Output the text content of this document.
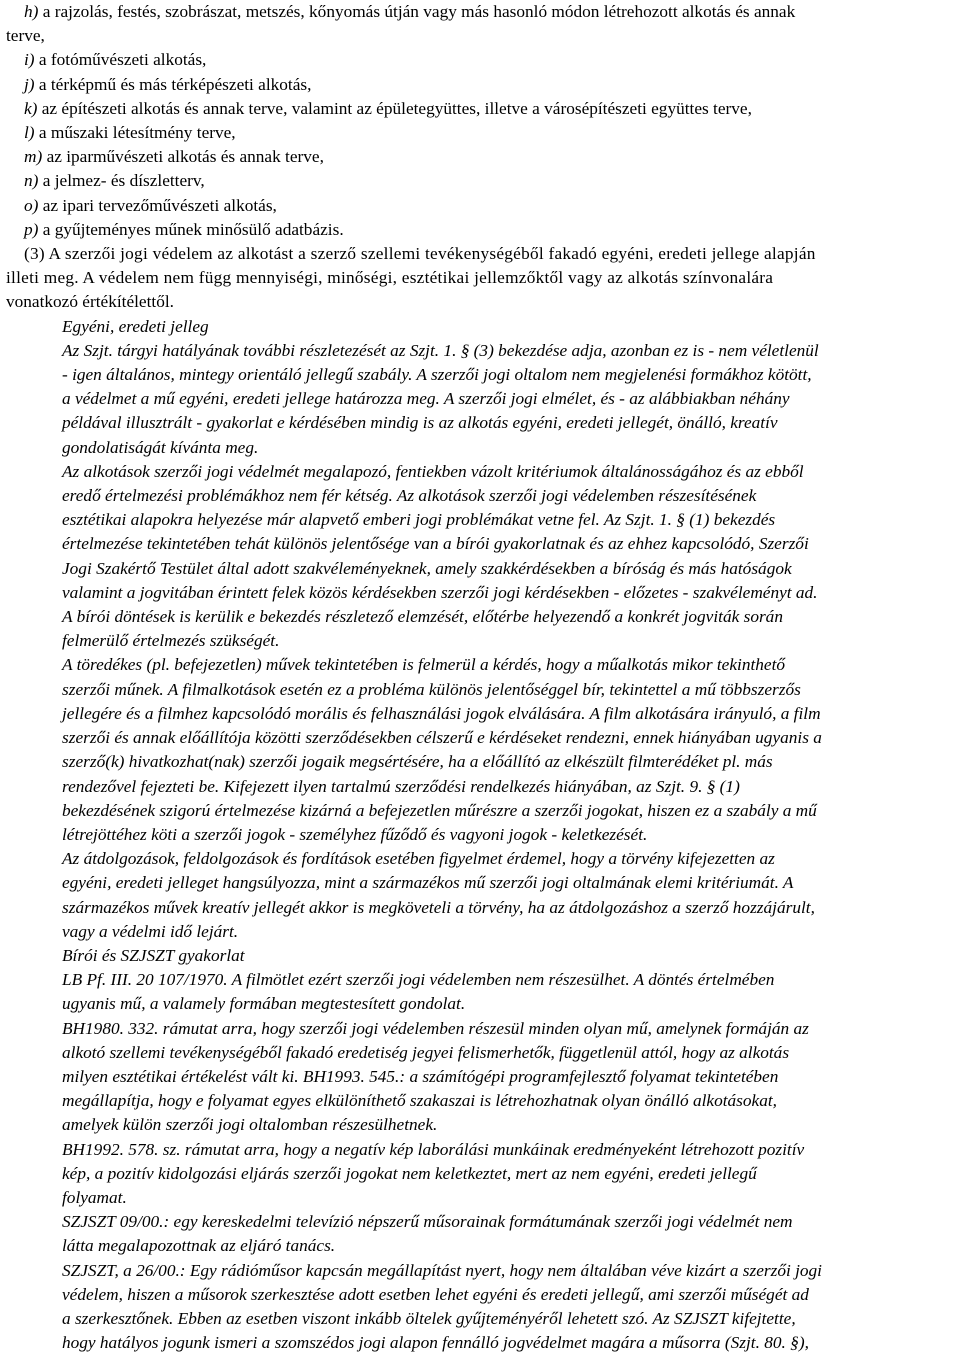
h) a rajzolás, festés, szobrászat, metszés, kőnyomás útján vagy más hasonló módon létrehozott alkotás és annak
terve,
i) a fotóművészeti alkotás,
j) a térképmű és más térképészeti alkotás,
k) az építészeti alkotás és annak terve, valamint az épületegyüttes, illetve a városépítészeti együttes terve,
l) a műszaki létesítmény terve,
m) az iparművészeti alkotás és annak terve,
n) a jelmez- és díszletterv,
o) az ipari tervezőművészeti alkotás,
p) a gyűjteményes műnek minősülő adatbázis.
(3) A szerzői jogi védelem az alkotást a szerző szellemi tevékenységéből fakadó egyéni, eredeti jellege alapján
illeti meg. A védelem nem függ mennyiségi, minőségi, esztétikai jellemzőktől vagy az alkotás színvonalára
vonatkozó értékítélettől.
Egyéni, eredeti jelleg
Az Szjt. tárgyi hatályának további részletezését az Szjt. 1. § (3) bekezdése adja, azonban ez is - nem véletlenül
- igen általános, mintegy orientáló jellegű szabály. A szerzői jogi oltalom nem megjelenési formákhoz kötött,
a védelmet a mű egyéni, eredeti jellege határozza meg. A szerzői jogi elmélet, és - az alábbiakban néhány
példával illusztrált - gyakorlat e kérdésében mindig is az alkotás egyéni, eredeti jellegét, önálló, kreatív
gondolatiságát kívánta meg.
Az alkotások szerzői jogi védelmét megalapozó, fentiekben vázolt kritériumok általánosságához és az ebből
eredő értelmezési problémákhoz nem fér kétség. Az alkotások szerzői jogi védelemben részesítésének
esztétikai alapokra helyezése már alapvető emberi jogi problémákat vetne fel. Az Szjt. 1. § (1) bekezdés
értelmezése tekintetében tehát különös jelentősége van a bírói gyakorlatnak és az ehhez kapcsolódó, Szerzői
Jogi Szakértő Testület által adott szakvéleményeknek, amely szakkérdésekben a bíróság és más hatóságok
valamint a jogvitában érintett felek közös kérdésekben szerzői jogi kérdésekben - előzetes - szakvéleményt ad.
A bírói döntések is kerülik e bekezdés részletező elemzését, előtérbe helyezendő a konkrét jogviták során
felmerülő értelmezés szükségét.
A töredékes (pl. befejezetlen) művek tekintetében is felmerül a kérdés, hogy a műalkotás mikor tekinthető
szerzői műnek. A filmalkotások esetén ez a probléma különös jelentőséggel bír, tekintettel a mű többszerzős
jellegére és a filmhez kapcsolódó morális és felhasználási jogok elválására. A film alkotására irányuló, a film
szerzői és annak előállítója közötti szerződésekben célszerű e kérdéseket rendezni, ennek hiányában ugyanis a
szerző(k) hivatkozhat(nak) szerzői jogaik megsértésére, ha a előállító az elkészült filmterédéket pl. más
rendezővel fejezteti be. Kifejezett ilyen tartalmú szerződési rendelkezés hiányában, az Szjt. 9. § (1)
bekezdésének szigorú értelmezése kizárná a befejezetlen műrészre a szerzői jogokat, hiszen ez a szabály a mű
létrejöttéhez köti a szerzői jogok - személyhez fűződő és vagyoni jogok - keletkezését.
Az átdolgozások, feldolgozások és fordítások esetében figyelmet érdemel, hogy a törvény kifejezetten az
egyéni, eredeti jelleget hangsúlyozza, mint a származékos mű szerzői jogi oltalmának elemi kritériumát. A
származékos művek kreatív jellegét akkor is megköveteli a törvény, ha az átdolgozáshoz a szerző hozzájárult,
vagy a védelmi idő lejárt.
Bírói és SZJSZT gyakorlat
LB Pf. III. 20 107/1970. A filmötlet ezért szerzői jogi védelemben nem részesülhet. A döntés értelmében
ugyanis mű, a valamely formában megtestesített gondolat.
BH1980. 332. rámutat arra, hogy szerzői jogi védelemben részesül minden olyan mű, amelynek formáján az
alkotó szellemi tevékenységéből fakadó eredetiség jegyei felismerhetők, függetlenül attól, hogy az alkotás
milyen esztétikai értékelést vált ki. BH1993. 545.: a számítógépi programfejlesztő folyamat tekintetében
megállapítja, hogy e folyamat egyes elkülöníthető szakaszai is létrehozhatnak olyan önálló alkotásokat,
amelyek külön szerzői jogi oltalomban részesülhetnek.
BH1992. 578. sz. rámutat arra, hogy a negatív kép laborálási munkáinak eredményeként létrehozott pozitív
kép, a pozitív kidolgozási eljárás szerzői jogokat nem keletkeztet, mert az nem egyéni, eredeti jellegű
folyamat.
SZJSZT 09/00.: egy kereskedelmi televízió népszerű műsorainak formátumának szerzői jogi védelmét nem
látta megalapozottnak az eljáró tanács.
SZJSZT, a 26/00.: Egy rádióműsor kapcsán megállapítást nyert, hogy nem általában véve kizárt a szerzői jogi
védelem, hiszen a műsorok szerkesztése adott esetben lehet egyéni és eredeti jellegű, ami szerzői műségét ad
a szerkesztőnek. Ebben az esetben viszont inkább öltelek gyűjteményéről lehetett szó. Az SZJSZT kifejtette,
hogy hatályos jogunk ismeri a szomszédos jogi alapon fennálló jogvédelmet magára a műsorra (Szjt. 80. §),
